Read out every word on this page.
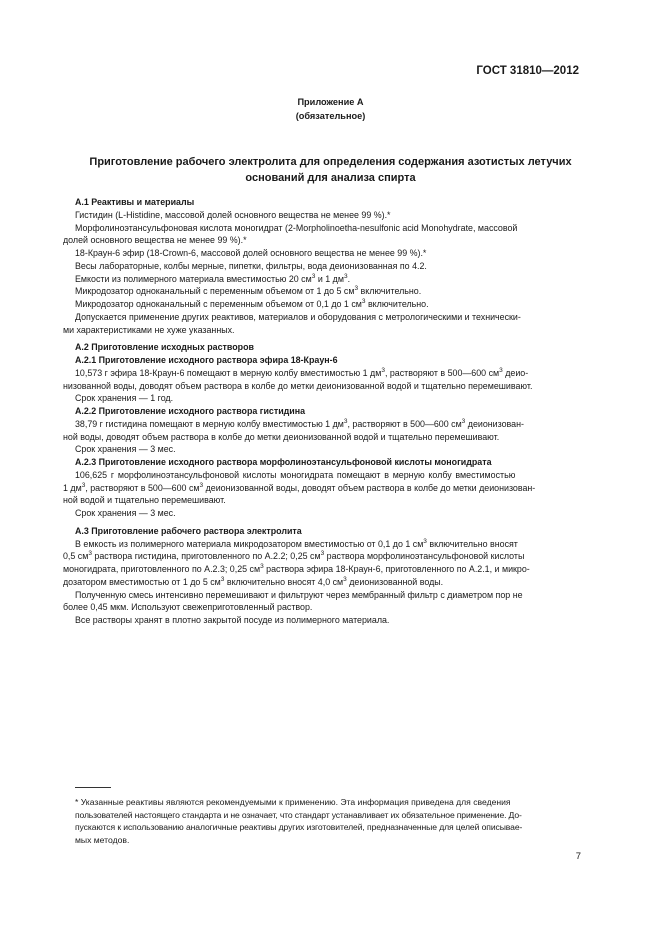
ГОСТ 31810—2012
Приложение А
(обязательное)
Приготовление рабочего электролита для определения содержания азотистых летучих
оснований для анализа спирта

А.1 Реактивы и материалы

Гистидин (L-Histidine, массовой долей основного вещества не менее 99 %).*

Морфолиноэтансульфоновая кислота моногидрат (2-Morpholinoetha-nesulfonic acid Monohydrate, массовой

долей основного вещества не менее 99 %).*

18-Краун-6 эфир (18-Crown-6, массовой долей основного вещества не менее 99 %).*

Весы лабораторные, колбы мерные, пипетки, фильтры, вода деионизованная по 4.2.

Емкости из полимерного материала вместимостью 20 $см^3$ и 1 $дм^3$.

Микродозатор одноканальный с переменным объемом от 1 до 5 $см^3$ включительно.

Микродозатор одноканальный с переменным объемом от 0,1 до 1 $см^3$ включительно.

Допускается применение других реактивов, материалов и оборудования с метрологическими и технически-

ми характеристиками не хуже указанных.

А.2 Приготовление исходных растворов

А.2.1 Приготовление исходного раствора эфира 18-Краун-6

10,573 г эфира 18-Краун-6 помещают в мерную колбу вместимостью 1 $дм^3$, растворяют в 500—600 $см^3$ деио-

низованной воды, доводят объем раствора в колбе до метки деионизованной водой и тщательно перемешивают.

Срок хранения — 1 год.

А.2.2 Приготовление исходного раствора гистидина

38,79 г гистидина помещают в мерную колбу вместимостью 1 $дм^3$, растворяют в 500—600 $см^3$ деионизован-

ной воды, доводят объем раствора в колбе до метки деионизованной водой и тщательно перемешивают.

Срок хранения — 3 мес.

А.2.3 Приготовление исходного раствора морфолиноэтансульфоновой кислоты моногидрата

106,625 г морфолиноэтансульфоновой кислоты моногидрата помещают в мерную колбу вместимостью

1 $дм^3$, растворяют в 500—600 $см^3$ деионизованной воды, доводят объем раствора в колбе до метки деионизован-

ной водой и тщательно перемешивают.

Срок хранения — 3 мес.

А.3 Приготовление рабочего раствора электролита

В емкость из полимерного материала микродозатором вместимостью от 0,1 до 1 $см^3$ включительно вносят

0,5 $см^3$ раствора гистидина, приготовленного по А.2.2; 0,25 $см^3$ раствора морфолиноэтансульфоновой кислоты

моногидрата, приготовленного по А.2.3; 0,25 $см^3$ раствора эфира 18-Краун-6, приготовленного по А.2.1, и микро-

дозатором вместимостью от 1 до 5 $см^3$ включительно вносят 4,0 $см^3$ деионизованной воды.

Полученную смесь интенсивно перемешивают и фильтруют через мембранный фильтр с диаметром пор не

более 0,45 мкм. Используют свежеприготовленный раствор.

Все растворы хранят в плотно закрытой посуде из полимерного материала.

* Указанные реактивы являются рекомендуемыми к применению. Эта информация приведена для сведения
пользователей настоящего стандарта и не означает, что стандарт устанавливает их обязательное применение. До-
пускаются к использованию аналогичные реактивы других изготовителей, предназначенные для целей описывае-
мых методов.
7
